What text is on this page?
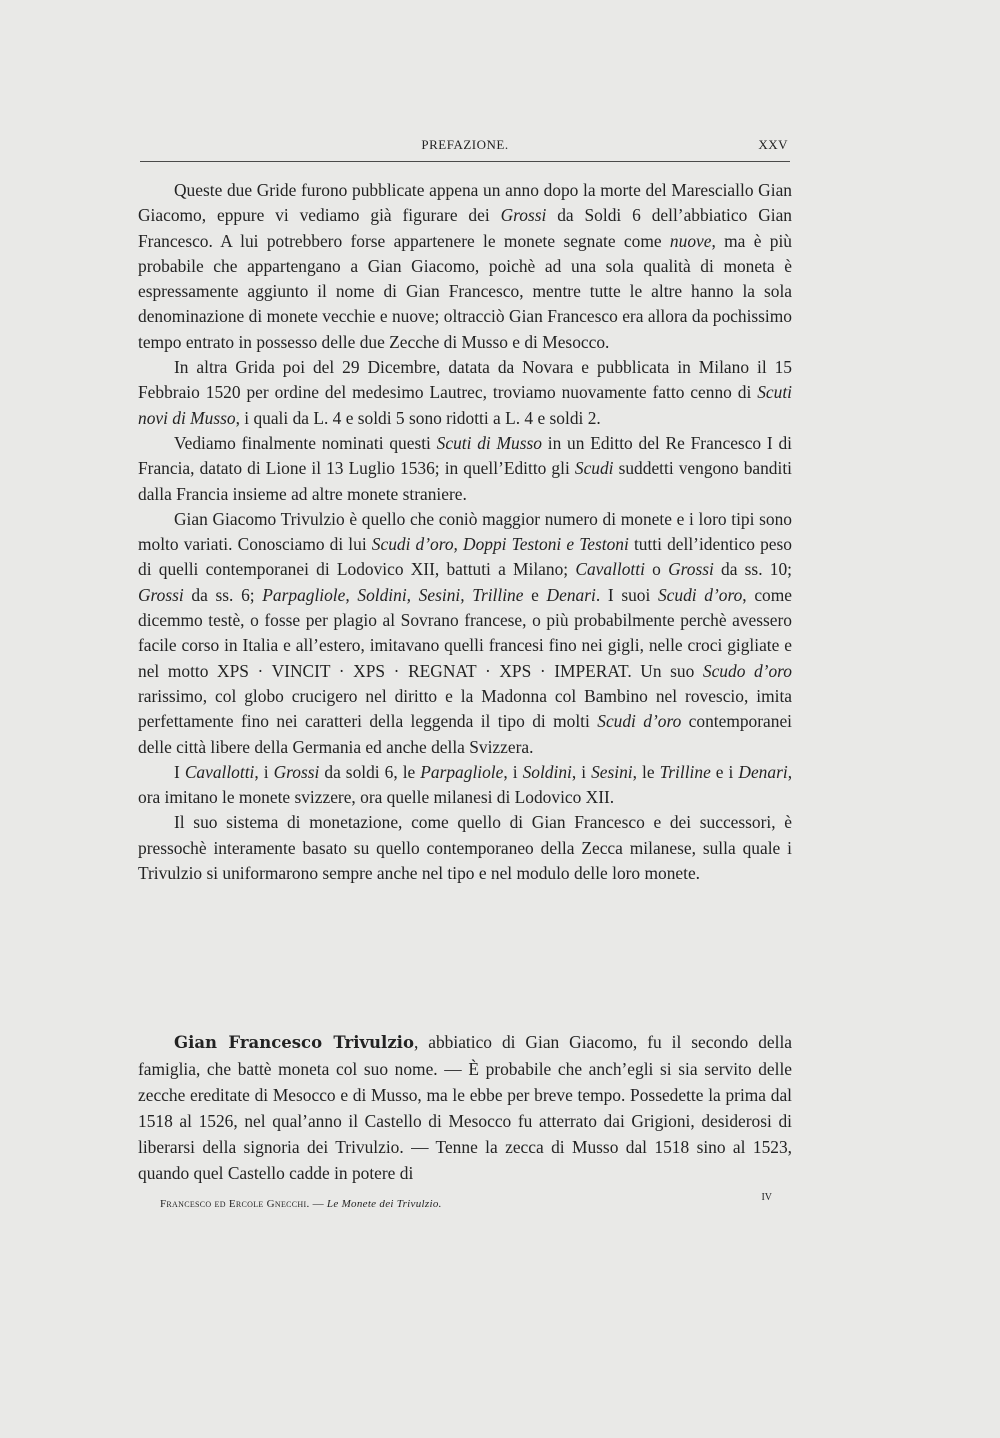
PREFAZIONE.	XXV

Queste due Gride furono pubblicate appena un anno dopo la morte del Maresciallo Gian Giacomo, eppure vi vediamo già figurare dei Grossi da Soldi 6 dell’abbiatico Gian Francesco. A lui potrebbero forse appartenere le monete segnate come nuove, ma è più probabile che appartengano a Gian Giacomo, poichè ad una sola qualità di moneta è espressamente aggiunto il nome di Gian Francesco, mentre tutte le altre hanno la sola denominazione di monete vecchie e nuove; oltracciò Gian Francesco era allora da pochissimo tempo entrato in possesso delle due Zecche di Musso e di Mesocco.

In altra Grida poi del 29 Dicembre, datata da Novara e pubblicata in Milano il 15 Febbraio 1520 per ordine del medesimo Lautrec, troviamo nuovamente fatto cenno di Scuti novi di Musso, i quali da L. 4 e soldi 5 sono ridotti a L. 4 e soldi 2.

Vediamo finalmente nominati questi Scuti di Musso in un Editto del Re Francesco I di Francia, datato di Lione il 13 Luglio 1536; in quell’Editto gli Scudi suddetti vengono banditi dalla Francia insieme ad altre monete straniere.

Gian Giacomo Trivulzio è quello che coniò maggior numero di monete e i loro tipi sono molto variati. Conosciamo di lui Scudi d’oro, Doppi Testoni e Testoni tutti dell’identico peso di quelli contemporanei di Lodovico XII, battuti a Milano; Cavallotti o Grossi da ss. 10; Grossi da ss. 6; Parpagliole, Soldini, Sesini, Trilline e Denari. I suoi Scudi d’oro, come dicemmo testè, o fosse per plagio al Sovrano francese, o più probabilmente perchè avessero facile corso in Italia e all’estero, imitavano quelli francesi fino nei gigli, nelle croci gigliate e nel motto XPS · VINCIT · XPS · REGNAT · XPS · IMPERAT. Un suo Scudo d’oro rarissimo, col globo crucigero nel diritto e la Madonna col Bambino nel rovescio, imita perfettamente fino nei caratteri della leggenda il tipo di molti Scudi d’oro contemporanei delle città libere della Germania ed anche della Svizzera.

I Cavallotti, i Grossi da soldi 6, le Parpagliole, i Soldini, i Sesini, le Trilline e i Denari, ora imitano le monete svizzere, ora quelle milanesi di Lodovico XII.

Il suo sistema di monetazione, come quello di Gian Francesco e dei successori, è pressochè interamente basato su quello contemporaneo della Zecca milanese, sulla quale i Trivulzio si uniformarono sempre anche nel tipo e nel modulo delle loro monete.

Gian Francesco Trivulzio, abbiatico di Gian Giacomo, fu il secondo della famiglia, che battè moneta col suo nome. — È probabile che anch’egli si sia servito delle zecche ereditate di Mesocco e di Musso, ma le ebbe per breve tempo. Possedette la prima dal 1518 al 1526, nel qual’anno il Castello di Mesocco fu atterrato dai Grigioni, desiderosi di liberarsi della signoria dei Trivulzio. — Tenne la zecca di Musso dal 1518 sino al 1523, quando quel Castello cadde in potere di

Francesco ed Ercole Gnecchi. — Le Monete dei Trivulzio.
IV
